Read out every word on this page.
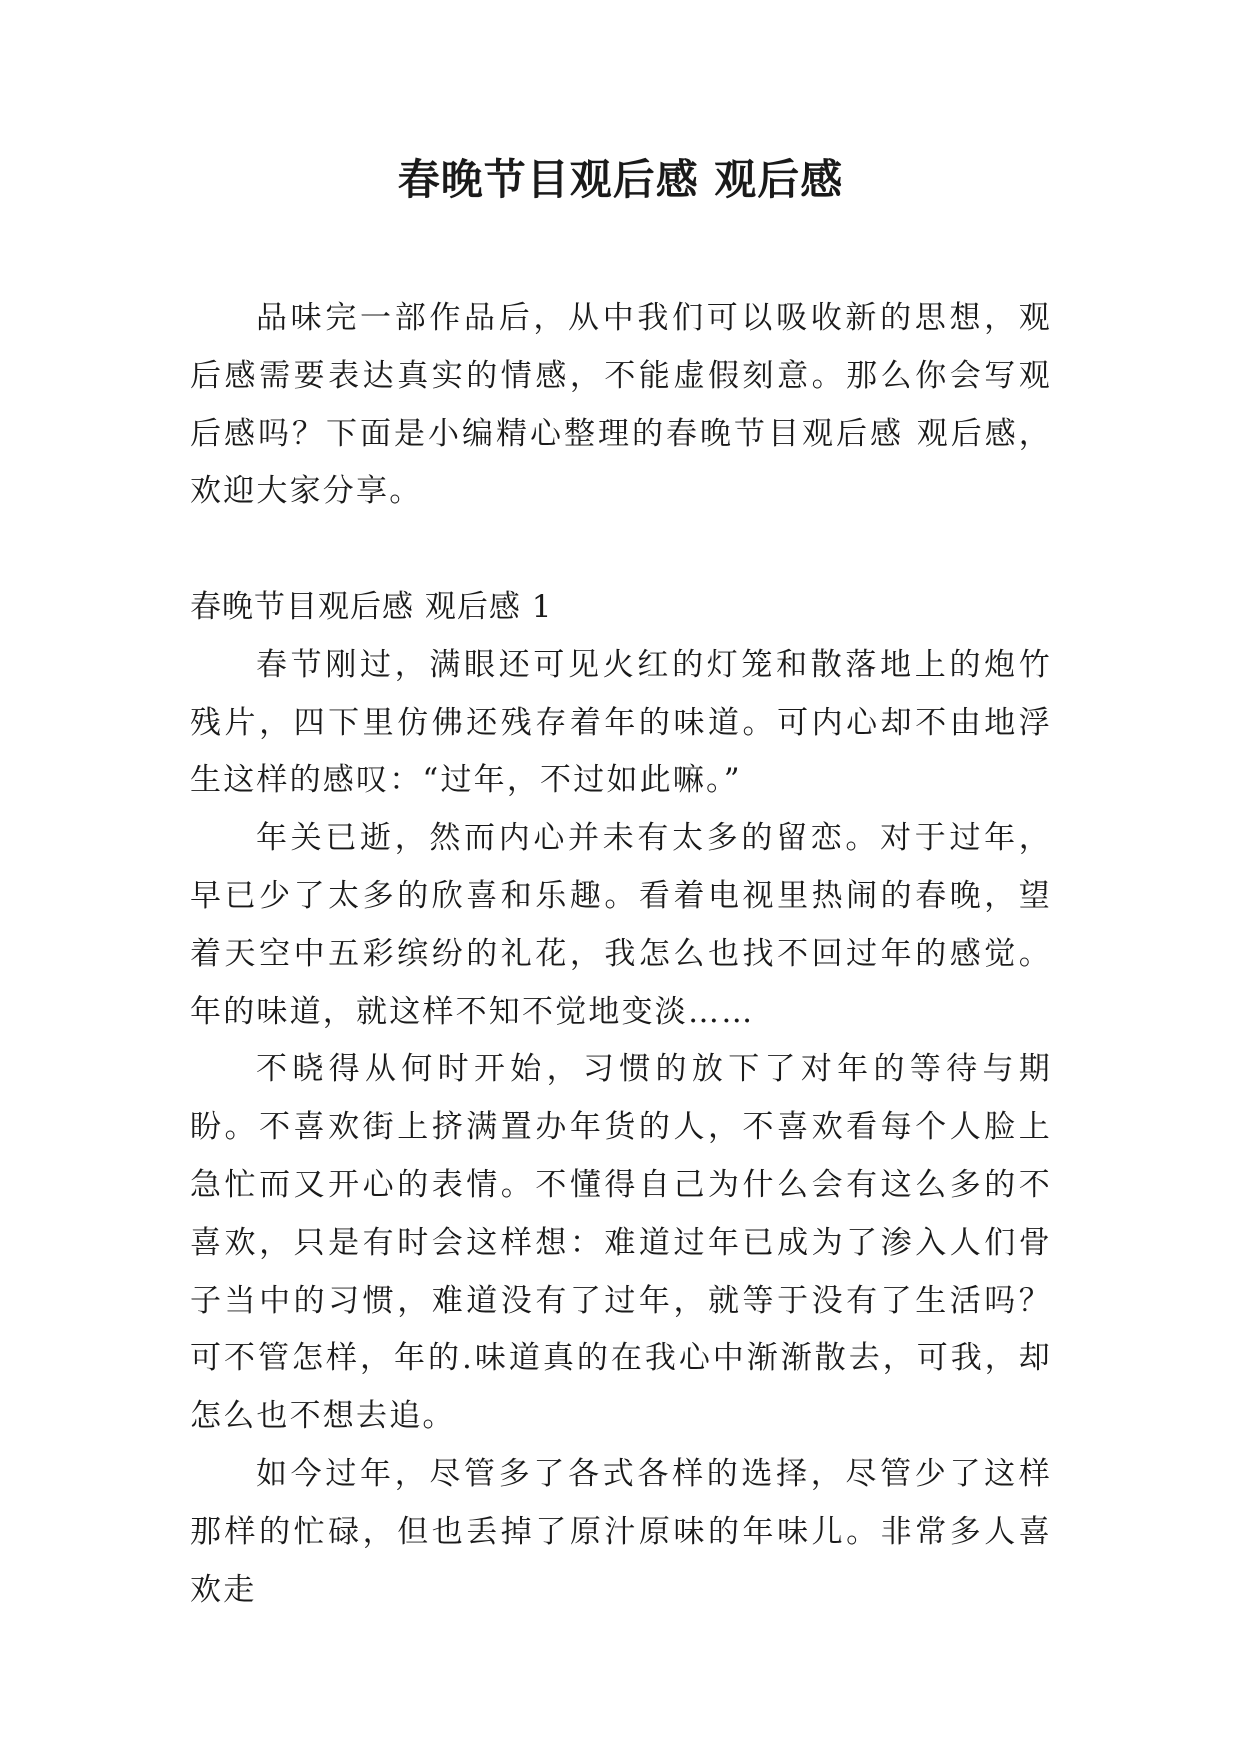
春晚节目观后感 观后感

品味完一部作品后，从中我们可以吸收新的思想，观后感需要表达真实的情感，不能虚假刻意。那么你会写观后感吗？下面是小编精心整理的春晚节目观后感 观后感，欢迎大家分享。

春晚节目观后感 观后感 1

春节刚过，满眼还可见火红的灯笼和散落地上的炮竹残片，四下里仿佛还残存着年的味道。可内心却不由地浮生这样的感叹：“过年，不过如此嘛。”

年关已逝，然而内心并未有太多的留恋。对于过年，早已少了太多的欣喜和乐趣。看着电视里热闹的春晚，望着天空中五彩缤纷的礼花，我怎么也找不回过年的感觉。年的味道，就这样不知不觉地变淡……

不晓得从何时开始，习惯的放下了对年的等待与期盼。不喜欢街上挤满置办年货的人，不喜欢看每个人脸上急忙而又开心的表情。不懂得自己为什么会有这么多的不喜欢，只是有时会这样想：难道过年已成为了渗入人们骨子当中的习惯，难道没有了过年，就等于没有了生活吗？可不管怎样，年的.味道真的在我心中渐渐散去，可我，却怎么也不想去追。

如今过年，尽管多了各式各样的选择，尽管少了这样那样的忙碌，但也丢掉了原汁原味的年味儿。非常多人喜欢走
